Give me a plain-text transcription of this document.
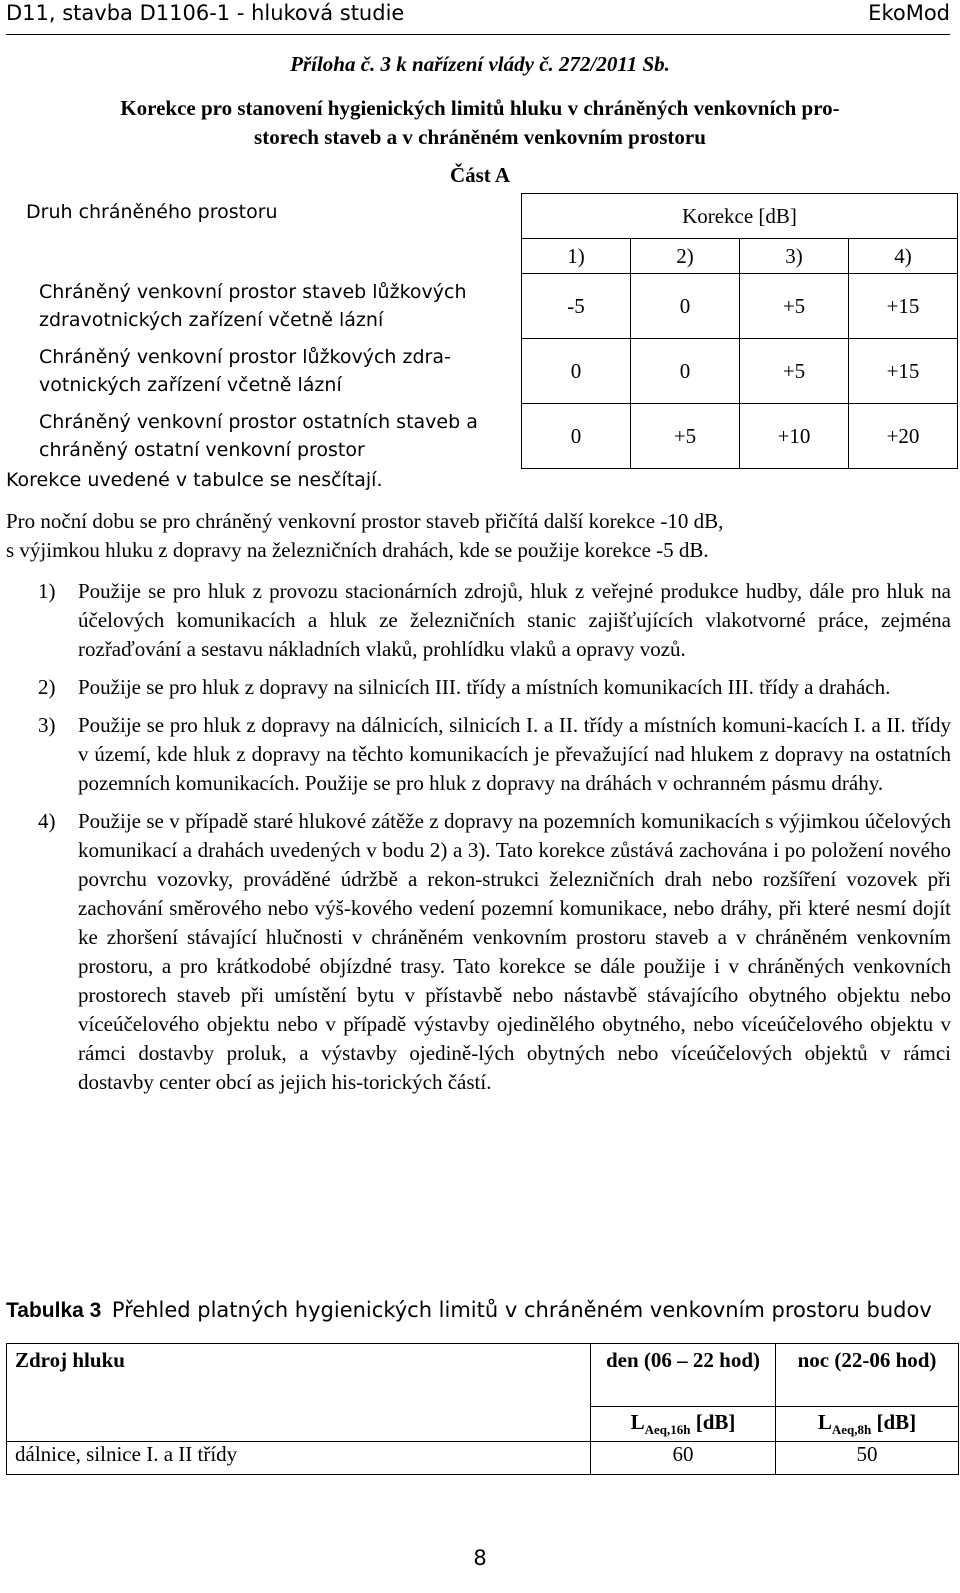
D11, stavba D1106-1 - hluková studie	EkoMod
Příloha č. 3 k nařízení vlády č. 272/2011 Sb.
Korekce pro stanovení hygienických limitů hluku v chráněných venkovních pro-
storech staveb a v chráněném venkovním prostoru
Část A
Druh chráněného prostoru	Korekce [dB]			
	1)	2)	3)	4)

Chráněný venkovní prostor staveb lůžkových
zdravotnických zařízení včetně lázní	-5	0	+5	+15

Chráněný venkovní prostor lůžkových zdra-
votnických zařízení včetně lázní	0	0	+5	+15

Chráněný venkovní prostor ostatních staveb a
chráněný ostatní venkovní prostor	0	+5	+10	+20
Korekce uvedené v tabulce se nesčítají.
Pro noční dobu se pro chráněný venkovní prostor staveb přičítá další korekce -10 dB,
s výjimkou hluku z dopravy na železničních drahách, kde se použije korekce -5 dB.
1) Použije se pro hluk z provozu stacionárních zdrojů, hluk z veřejné produkce hudby, dále pro hluk na účelových komunikacích a hluk ze železničních stanic zajišťujících vlakotvorné práce, zejména rozřaďování a sestavu nákladních vlaků, prohlídku vlaků a opravy vozů.
2) Použije se pro hluk z dopravy na silnicích III. třídy a místních komunikacích III. třídy a drahách.
3) Použije se pro hluk z dopravy na dálnicích, silnicích I. a II. třídy a místních komuni-kacích I. a II. třídy v území, kde hluk z dopravy na těchto komunikacích je převažující nad hlukem z dopravy na ostatních pozemních komunikacích. Použije se pro hluk z dopravy na dráhách v ochranném pásmu dráhy.
4) Použije se v případě staré hlukové zátěže z dopravy na pozemních komunikacích s výjimkou účelových komunikací a drahách uvedených v bodu 2) a 3). Tato korekce zůstává zachována i po položení nového povrchu vozovky, prováděné údržbě a rekon-strukci železničních drah nebo rozšíření vozovek při zachování směrového nebo výš-kového vedení pozemní komunikace, nebo dráhy, při které nesmí dojít ke zhoršení stávající hlučnosti v chráněném venkovním prostoru staveb a v chráněném venkovním prostoru, a pro krátkodobé objízdné trasy. Tato korekce se dále použije i v chráněných venkovních prostorech staveb při umístění bytu v přístavbě nebo nástavbě stávajícího obytného objektu nebo víceúčelového objektu nebo v případě výstavby ojedinělého obytného, nebo víceúčelového objektu v rámci dostavby proluk, a výstavby ojedině-lých obytných nebo víceúčelových objektů v rámci dostavby center obcí as jejich his-torických částí.
Tabulka 3 Přehled platných hygienických limitů v chráněném venkovním prostoru budov
Zdroj hluku	den (06 – 22 hod)	noc (22-06 hod)
	$L_{Aeq,16h}$ [dB]	$L_{Aeq,8h}$ [dB]
dálnice, silnice I. a II třídy	60	50
8
